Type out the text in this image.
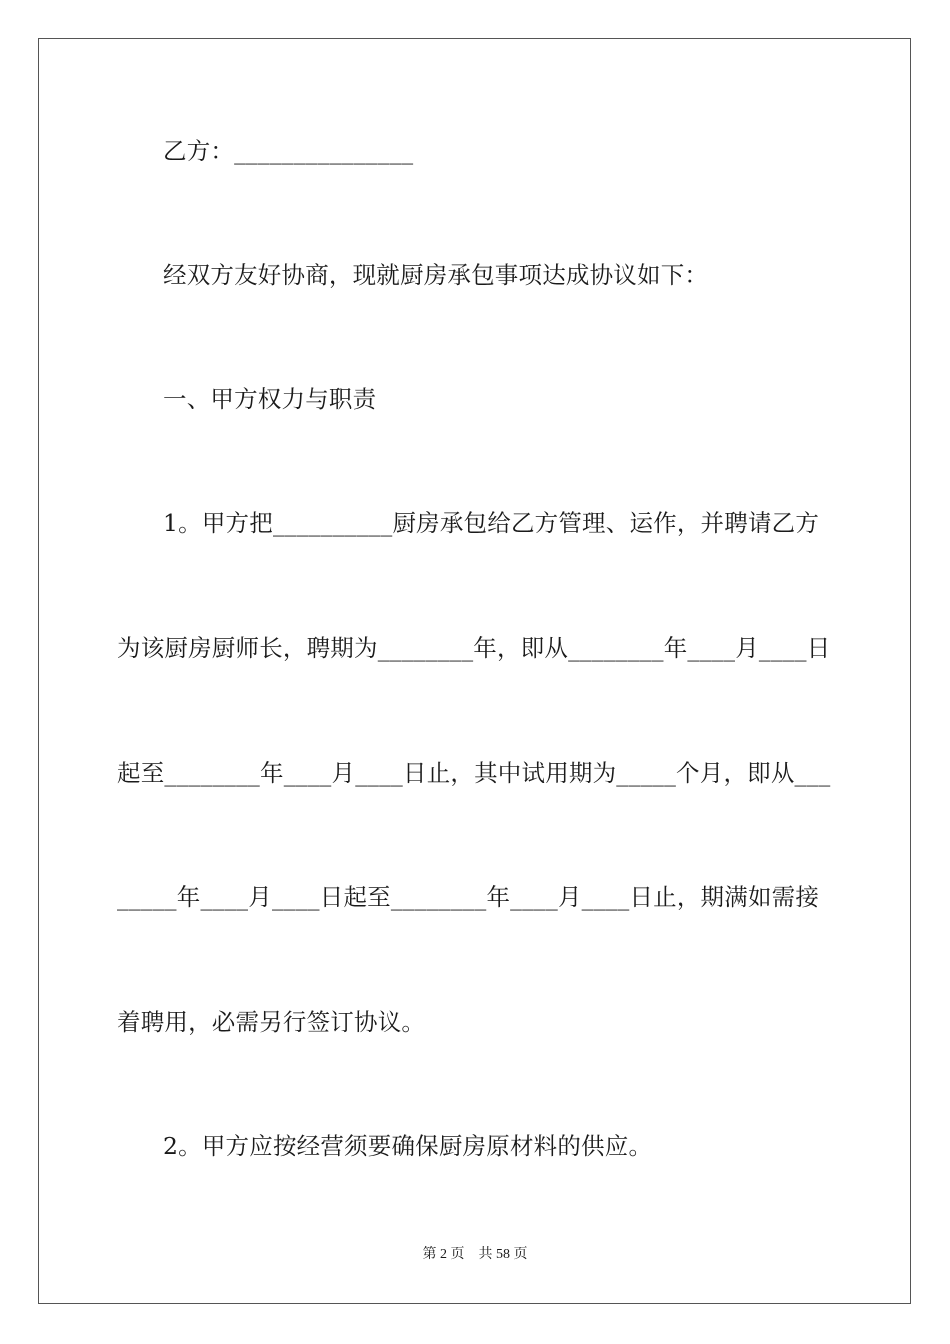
乙方：_______________
经双方友好协商，现就厨房承包事项达成协议如下：
一、甲方权力与职责
1。甲方把__________厨房承包给乙方管理、运作，并聘请乙方
为该厨房厨师长，聘期为________年，即从________年____月____日
起至________年____月____日止，其中试用期为_____个月，即从___
_____年____月____日起至________年____月____日止，期满如需接
着聘用，必需另行签订协议。
2。甲方应按经营须要确保厨房原材料的供应。
第 2 页    共 58 页
